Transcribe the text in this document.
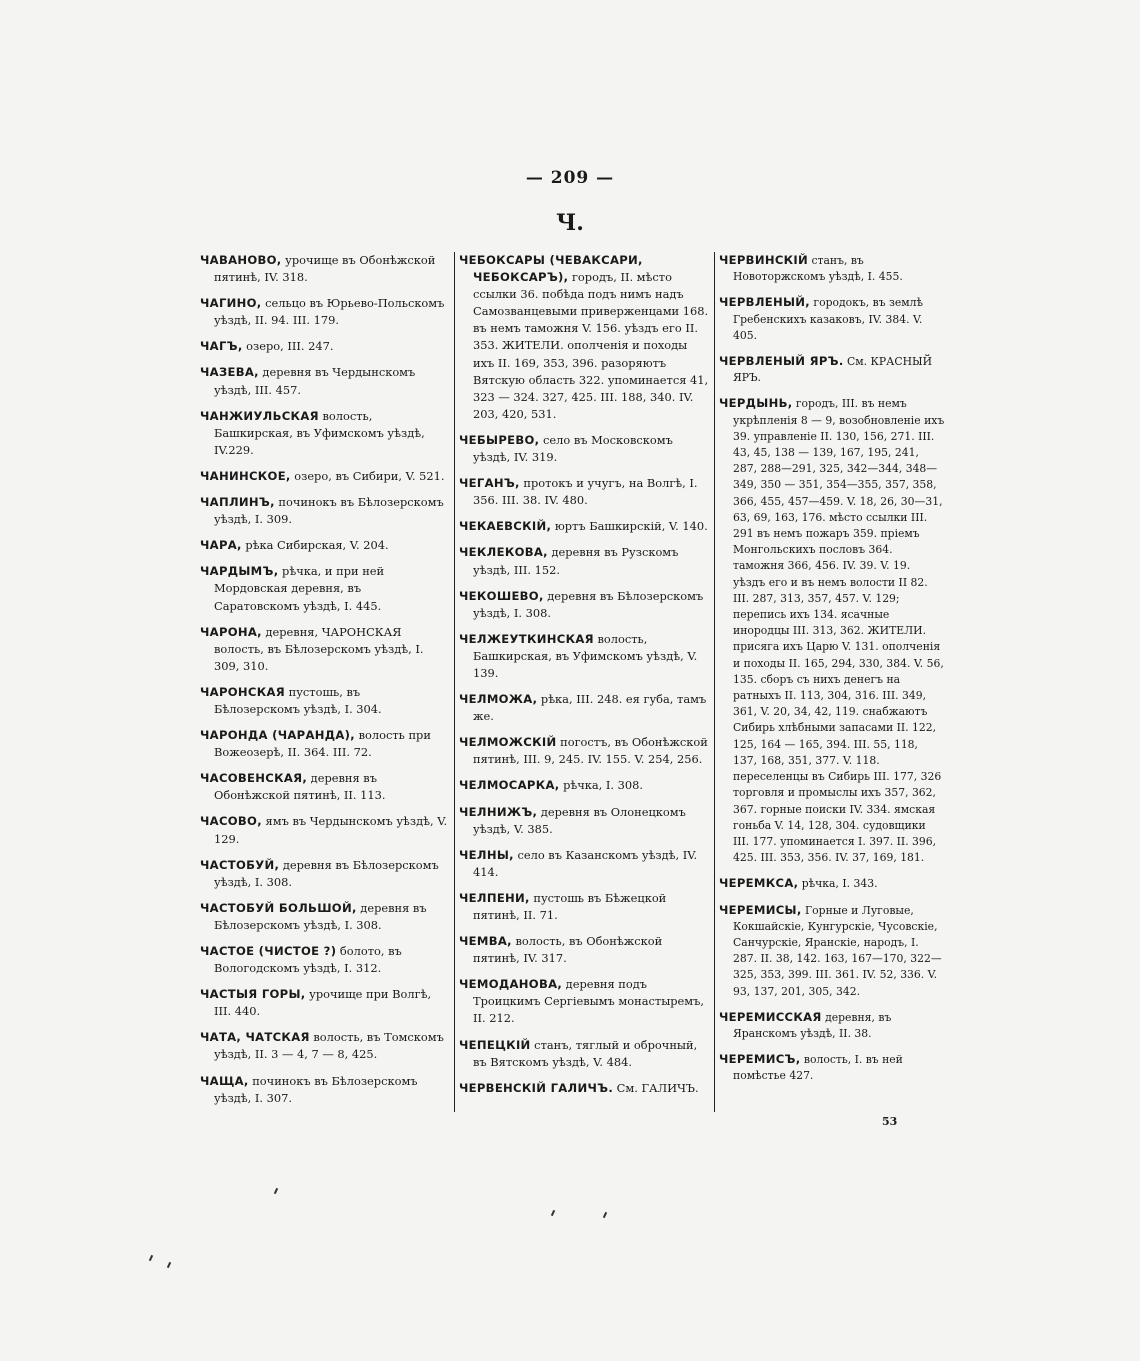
— 209 —
Ч.
ЧАВАНОВО, урочище въ Обонѣжской пятинѣ, IV. 318.
ЧАГИНО, сельцо въ Юрьево-Польскомъ уѣздѣ, II. 94. III. 179.
ЧАГЪ, озеро, III. 247.
ЧАЗЕВА, деревня въ Чердынскомъ уѣздѣ, III. 457.
ЧАНЖИУЛЬСКАЯ волость, Башкирская, въ Уфимскомъ уѣздѣ, IV.229.
ЧАНИНСКОЕ, озеро, въ Сибири, V. 521.
ЧАПЛИНЪ, починокъ въ Бѣлозерскомъ уѣздѣ, I. 309.
ЧАРА, рѣка Сибирская, V. 204.
ЧАРДЫМЪ, рѣчка, и при ней Мордовская деревня, въ Саратовскомъ уѣздѣ, I. 445.
ЧАРОНА, деревня, ЧАРОНСКАЯ волость, въ Бѣлозерскомъ уѣздѣ, I. 309, 310.
ЧАРОНСКАЯ пустошь, въ Бѣлозерскомъ уѣздѣ, I. 304.
ЧАРОНДА (ЧАРАНДА), волость при Вожеозерѣ, II. 364. III. 72.
ЧАСОВЕНСКАЯ, деревня въ Обонѣжской пятинѣ, II. 113.
ЧАСОВО, ямъ въ Чердынскомъ уѣздѣ, V. 129.
ЧАСТОБУЙ, деревня въ Бѣлозерскомъ уѣздѣ, I. 308.
ЧАСТОБУЙ БОЛЬШОЙ, деревня въ Бѣлозерскомъ уѣздѣ, I. 308.
ЧАСТОЕ (ЧИСТОЕ ?) болото, въ Вологодскомъ уѣздѣ, I. 312.
ЧАСТЫЯ ГОРЫ, урочище при Волгѣ, III. 440.
ЧАТА, ЧАТСКАЯ волость, въ Томскомъ уѣздѣ, II. 3 — 4, 7 — 8, 425.
ЧАЩА, починокъ въ Бѣлозерскомъ уѣздѣ, I. 307.
ЧЕБОКСАРЫ (ЧЕВАКСАРИ, ЧЕБОКСАРЪ), городъ, II. мѣсто ссылки 36. побѣда подъ нимъ надъ Самозванцевыми приверженцами 168. въ немъ таможня V. 156. уѣздъ его II. 353. ЖИТЕЛИ. ополченія и походы ихъ II. 169, 353, 396. разоряютъ Вятскую область 322. упоминается 41, 323 — 324. 327, 425. III. 188, 340. IV. 203, 420, 531.
ЧЕБЫРЕВО, село въ Московскомъ уѣздѣ, IV. 319.
ЧЕГАНЪ, протокъ и учугъ, на Волгѣ, I. 356. III. 38. IV. 480.
ЧЕКАЕВСКІЙ, юртъ Башкирскій, V. 140.
ЧЕКЛЕКОВА, деревня въ Рузскомъ уѣздѣ, III. 152.
ЧЕКОШЕВО, деревня въ Бѣлозерскомъ уѣздѣ, I. 308.
ЧЕЛЖЕУТКИНСКАЯ волость, Башкирская, въ Уфимскомъ уѣздѣ, V. 139.
ЧЕЛМОЖА, рѣка, III. 248. ея губа, тамъ же.
ЧЕЛМОЖСКІЙ погостъ, въ Обонѣжской пятинѣ, III. 9, 245. IV. 155. V. 254, 256.
ЧЕЛМОСАРКА, рѣчка, I. 308.
ЧЕЛНИЖЪ, деревня въ Олонецкомъ уѣздѣ, V. 385.
ЧЕЛНЫ, село въ Казанскомъ уѣздѣ, IV. 414.
ЧЕЛПЕНИ, пустошь въ Бѣжецкой пятинѣ, II. 71.
ЧЕМВА, волость, въ Обонѣжской пятинѣ, IV. 317.
ЧЕМОДАНОВА, деревня подъ Троицкимъ Сергіевымъ монастыремъ, II. 212.
ЧЕПЕЦКІЙ станъ, тяглый и оброчный, въ Вятскомъ уѣздѣ, V. 484.
ЧЕРВЕНСКІЙ ГАЛИЧЪ. См. ГАЛИЧЪ.
ЧЕРВИНСКІЙ станъ, въ Новоторжскомъ уѣздѣ, I. 455.
ЧЕРВЛЕНЫЙ, городокъ, въ землѣ Гребенскихъ казаковъ, IV. 384. V. 405.
ЧЕРВЛЕНЫЙ ЯРЪ. См. КРАСНЫЙ ЯРЪ.
ЧЕРДЫНЬ, городъ, III. въ немъ укрѣпленія 8 — 9, возобновленіе ихъ 39. управленіе II. 130, 156, 271. III. 43, 45, 138 — 139, 167, 195, 241, 287, 288—291, 325, 342—344, 348—349, 350 — 351, 354—355, 357, 358, 366, 455, 457—459. V. 18, 26, 30—31, 63, 69, 163, 176. мѣсто ссылки III. 291 въ немъ пожаръ 359. пріемъ Монгольскихъ пословъ 364. таможня 366, 456. IV. 39. V. 19. уѣздъ его и въ немъ волости II 82. III. 287, 313, 357, 457. V. 129; перепись ихъ 134. ясачные инородцы III. 313, 362. ЖИТЕЛИ. присяга ихъ Царю V. 131. ополченія и походы II. 165, 294, 330, 384. V. 56, 135. сборъ съ нихъ денегъ на ратныхъ II. 113, 304, 316. III. 349, 361, V. 20, 34, 42, 119. снабжаютъ Сибирь хлѣбными запасами II. 122, 125, 164 — 165, 394. III. 55, 118, 137, 168, 351, 377. V. 118. переселенцы въ Сибирь III. 177, 326 торговля и промыслы ихъ 357, 362, 367. горные поиски IV. 334. ямская гоньба V. 14, 128, 304. судовщики III. 177. упоминается I. 397. II. 396, 425. III. 353, 356. IV. 37, 169, 181.
ЧЕРЕМКСА, рѣчка, I. 343.
ЧЕРЕМИСЫ, Горные и Луговые, Кокшайскіе, Кунгурскіе, Чусовскіе, Санчурскіе, Яранскіе, народъ, I. 287. II. 38, 142. 163, 167—170, 322—325, 353, 399. III. 361. IV. 52, 336. V. 93, 137, 201, 305, 342.
ЧЕРЕМИССКАЯ деревня, въ Яранскомъ уѣздѣ, II. 38.
ЧЕРЕМИСЪ, волость, I. въ ней помѣстье 427.
53
